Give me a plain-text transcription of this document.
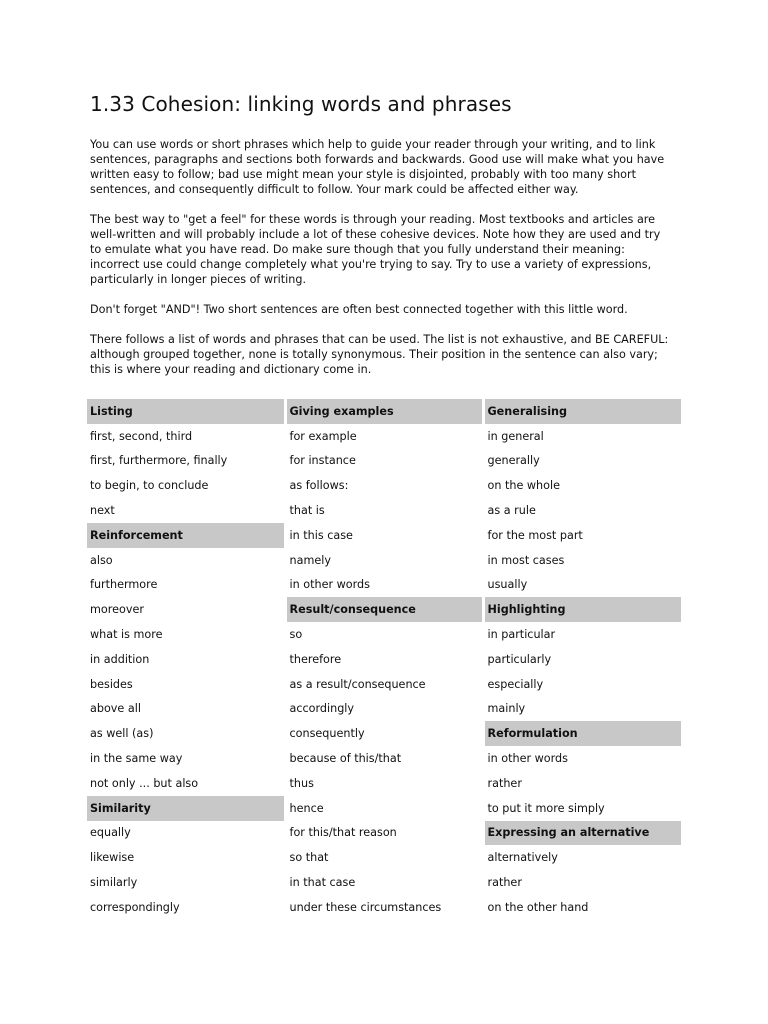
1.33 Cohesion: linking words and phrases

You can use words or short phrases which help to guide your reader through your writing, and to link
sentences, paragraphs and sections both forwards and backwards. Good use will make what you have
written easy to follow; bad use might mean your style is disjointed, probably with too many short
sentences, and consequently difficult to follow. Your mark could be affected either way.

The best way to "get a feel" for these words is through your reading. Most textbooks and articles are
well-written and will probably include a lot of these cohesive devices. Note how they are used and try
to emulate what you have read. Do make sure though that you fully understand their meaning:
incorrect use could change completely what you're trying to say. Try to use a variety of expressions,
particularly in longer pieces of writing.

Don't forget "AND"! Two short sentences are often best connected together with this little word.

There follows a list of words and phrases that can be used. The list is not exhaustive, and BE CAREFUL:
although grouped together, none is totally synonymous. Their position in the sentence can also vary;
this is where your reading and dictionary come in.

Listing	Giving examples	Generalising

first, second, third	for example	in general
first, furthermore, finally	for instance	generally
to begin, to conclude	as follows:	on the whole
next	that is	as a rule

Reinforcement	in this case	for the most part
also	namely	in most cases
furthermore	in other words	usually
moreover	Result/consequence	Highlighting

what is more	so	in particular
in addition	therefore	particularly
besides	as a result/consequence	especially
above all	accordingly	mainly
as well (as)	consequently	Reformulation

in the same way	because of this/that	in other words
not only ... but also	thus	rather

Similarity	hence	to put it more simply
equally	for this/that reason	Expressing an alternative

likewise	so that	alternatively
similarly	in that case	rather
correspondingly	under these circumstances	on the other hand
